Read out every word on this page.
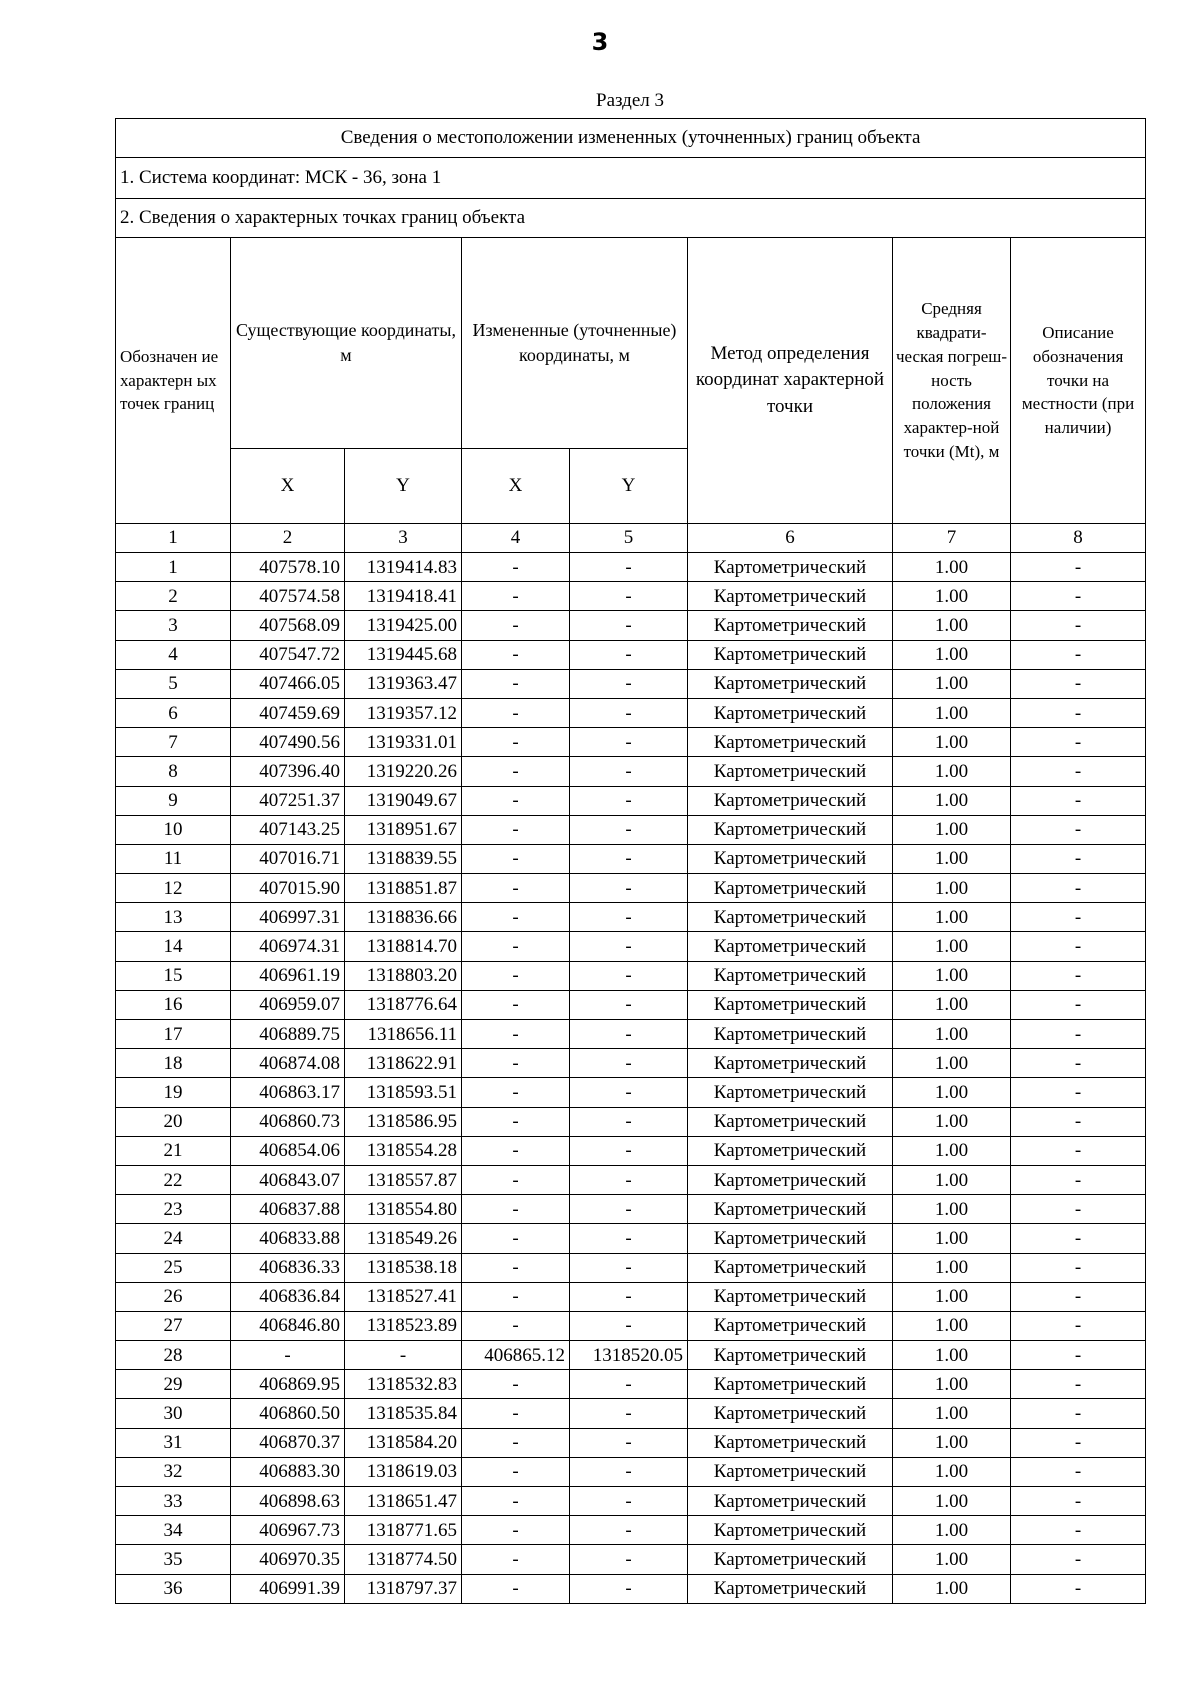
3
Раздел 3
Сведения о местоположении измененных (уточненных) границ объекта							
1. Система координат: МСК - 36, зона 1							
2. Сведения о характерных точках границ объекта							
Обозначен ие характерн ых точек границ	Существующие координаты, м		Измененные (уточненные) координаты, м		Метод определения координат характерной точки	Средняя квадрати-ческая погреш-ность положения характер-ной точки (Mt), м	Описание обозначения точки на местности (при наличии)
	X	Y	X	Y			
1	2	3	4	5	6	7	8
1	407578.10	1319414.83	-	-	Картометрический	1.00	-
2	407574.58	1319418.41	-	-	Картометрический	1.00	-
3	407568.09	1319425.00	-	-	Картометрический	1.00	-
4	407547.72	1319445.68	-	-	Картометрический	1.00	-
5	407466.05	1319363.47	-	-	Картометрический	1.00	-
6	407459.69	1319357.12	-	-	Картометрический	1.00	-
7	407490.56	1319331.01	-	-	Картометрический	1.00	-
8	407396.40	1319220.26	-	-	Картометрический	1.00	-
9	407251.37	1319049.67	-	-	Картометрический	1.00	-
10	407143.25	1318951.67	-	-	Картометрический	1.00	-
11	407016.71	1318839.55	-	-	Картометрический	1.00	-
12	407015.90	1318851.87	-	-	Картометрический	1.00	-
13	406997.31	1318836.66	-	-	Картометрический	1.00	-
14	406974.31	1318814.70	-	-	Картометрический	1.00	-
15	406961.19	1318803.20	-	-	Картометрический	1.00	-
16	406959.07	1318776.64	-	-	Картометрический	1.00	-
17	406889.75	1318656.11	-	-	Картометрический	1.00	-
18	406874.08	1318622.91	-	-	Картометрический	1.00	-
19	406863.17	1318593.51	-	-	Картометрический	1.00	-
20	406860.73	1318586.95	-	-	Картометрический	1.00	-
21	406854.06	1318554.28	-	-	Картометрический	1.00	-
22	406843.07	1318557.87	-	-	Картометрический	1.00	-
23	406837.88	1318554.80	-	-	Картометрический	1.00	-
24	406833.88	1318549.26	-	-	Картометрический	1.00	-
25	406836.33	1318538.18	-	-	Картометрический	1.00	-
26	406836.84	1318527.41	-	-	Картометрический	1.00	-
27	406846.80	1318523.89	-	-	Картометрический	1.00	-
28	-	-	406865.12	1318520.05	Картометрический	1.00	-
29	406869.95	1318532.83	-	-	Картометрический	1.00	-
30	406860.50	1318535.84	-	-	Картометрический	1.00	-
31	406870.37	1318584.20	-	-	Картометрический	1.00	-
32	406883.30	1318619.03	-	-	Картометрический	1.00	-
33	406898.63	1318651.47	-	-	Картометрический	1.00	-
34	406967.73	1318771.65	-	-	Картометрический	1.00	-
35	406970.35	1318774.50	-	-	Картометрический	1.00	-
36	406991.39	1318797.37	-	-	Картометрический	1.00	-
